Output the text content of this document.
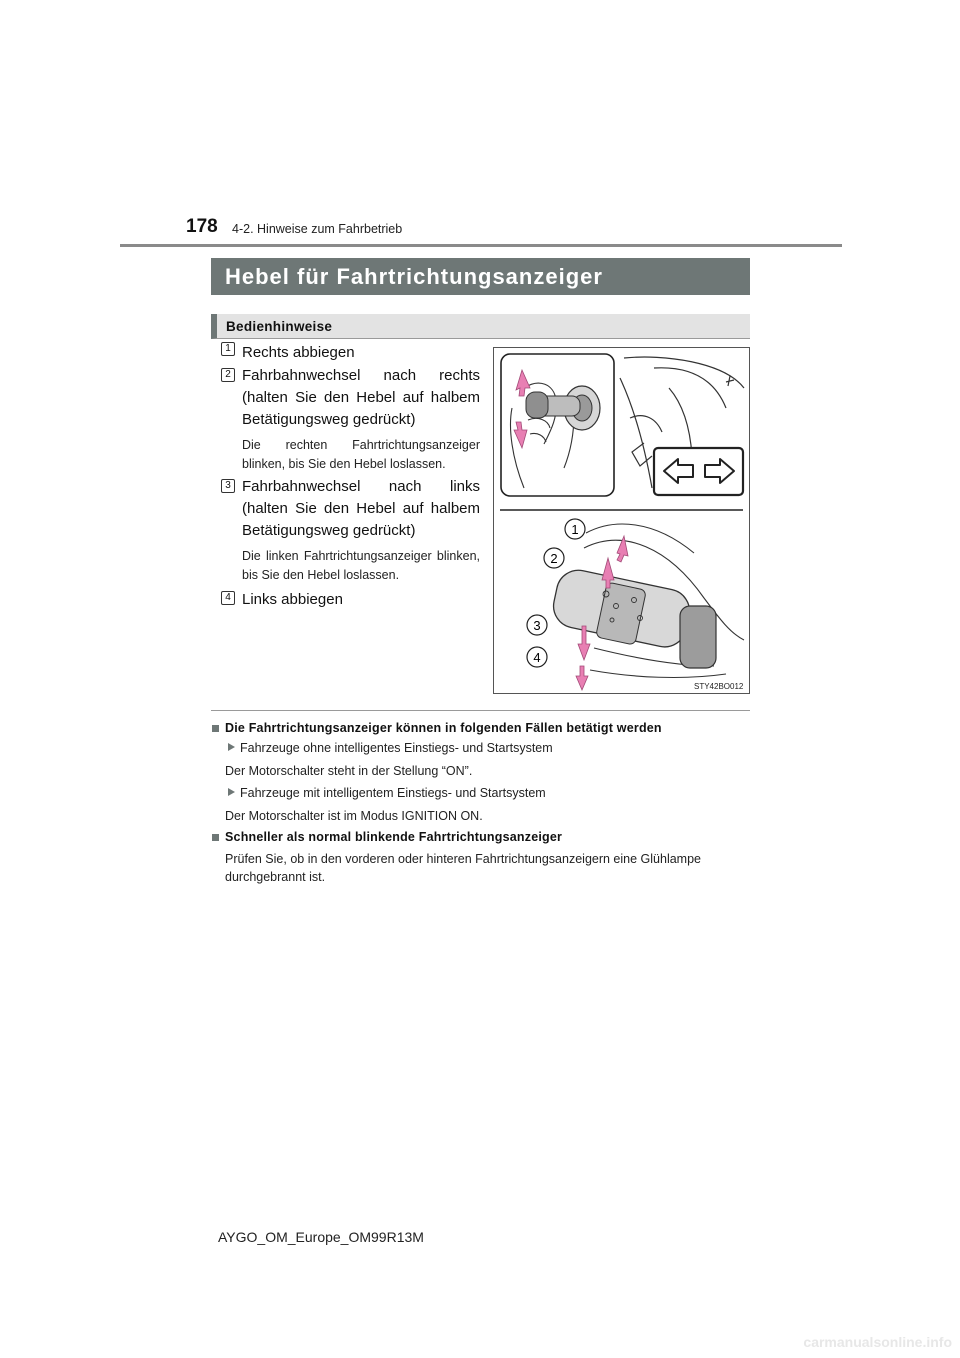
178 4-2. Hinweise zum Fahrbetrieb
Hebel für Fahrtrichtungsanzeiger
Bedienhinweise
1 Rechts abbiegen
2 Fahrbahnwechsel nach rechts (halten Sie den Hebel auf halbem Betätigungsweg gedrückt)
Die rechten Fahrtrichtungsanzeiger blinken, bis Sie den Hebel loslassen.
3 Fahrbahnwechsel nach links (halten Sie den Hebel auf halbem Betätigungsweg gedrückt)
Die linken Fahrtrichtungsanzeiger blinken, bis Sie den Hebel loslassen.
4 Links abbiegen
1
2
3
4
STY42BO012
Die Fahrtrichtungsanzeiger können in folgenden Fällen betätigt werden
Fahrzeuge ohne intelligentes Einstiegs- und Startsystem
Der Motorschalter steht in der Stellung “ON”.
Fahrzeuge mit intelligentem Einstiegs- und Startsystem
Der Motorschalter ist im Modus IGNITION ON.
Schneller als normal blinkende Fahrtrichtungsanzeiger
Prüfen Sie, ob in den vorderen oder hinteren Fahrtrichtungsanzeigern eine Glühlampe durchgebrannt ist.
AYGO_OM_Europe_OM99R13M
carmanualsonline.info
